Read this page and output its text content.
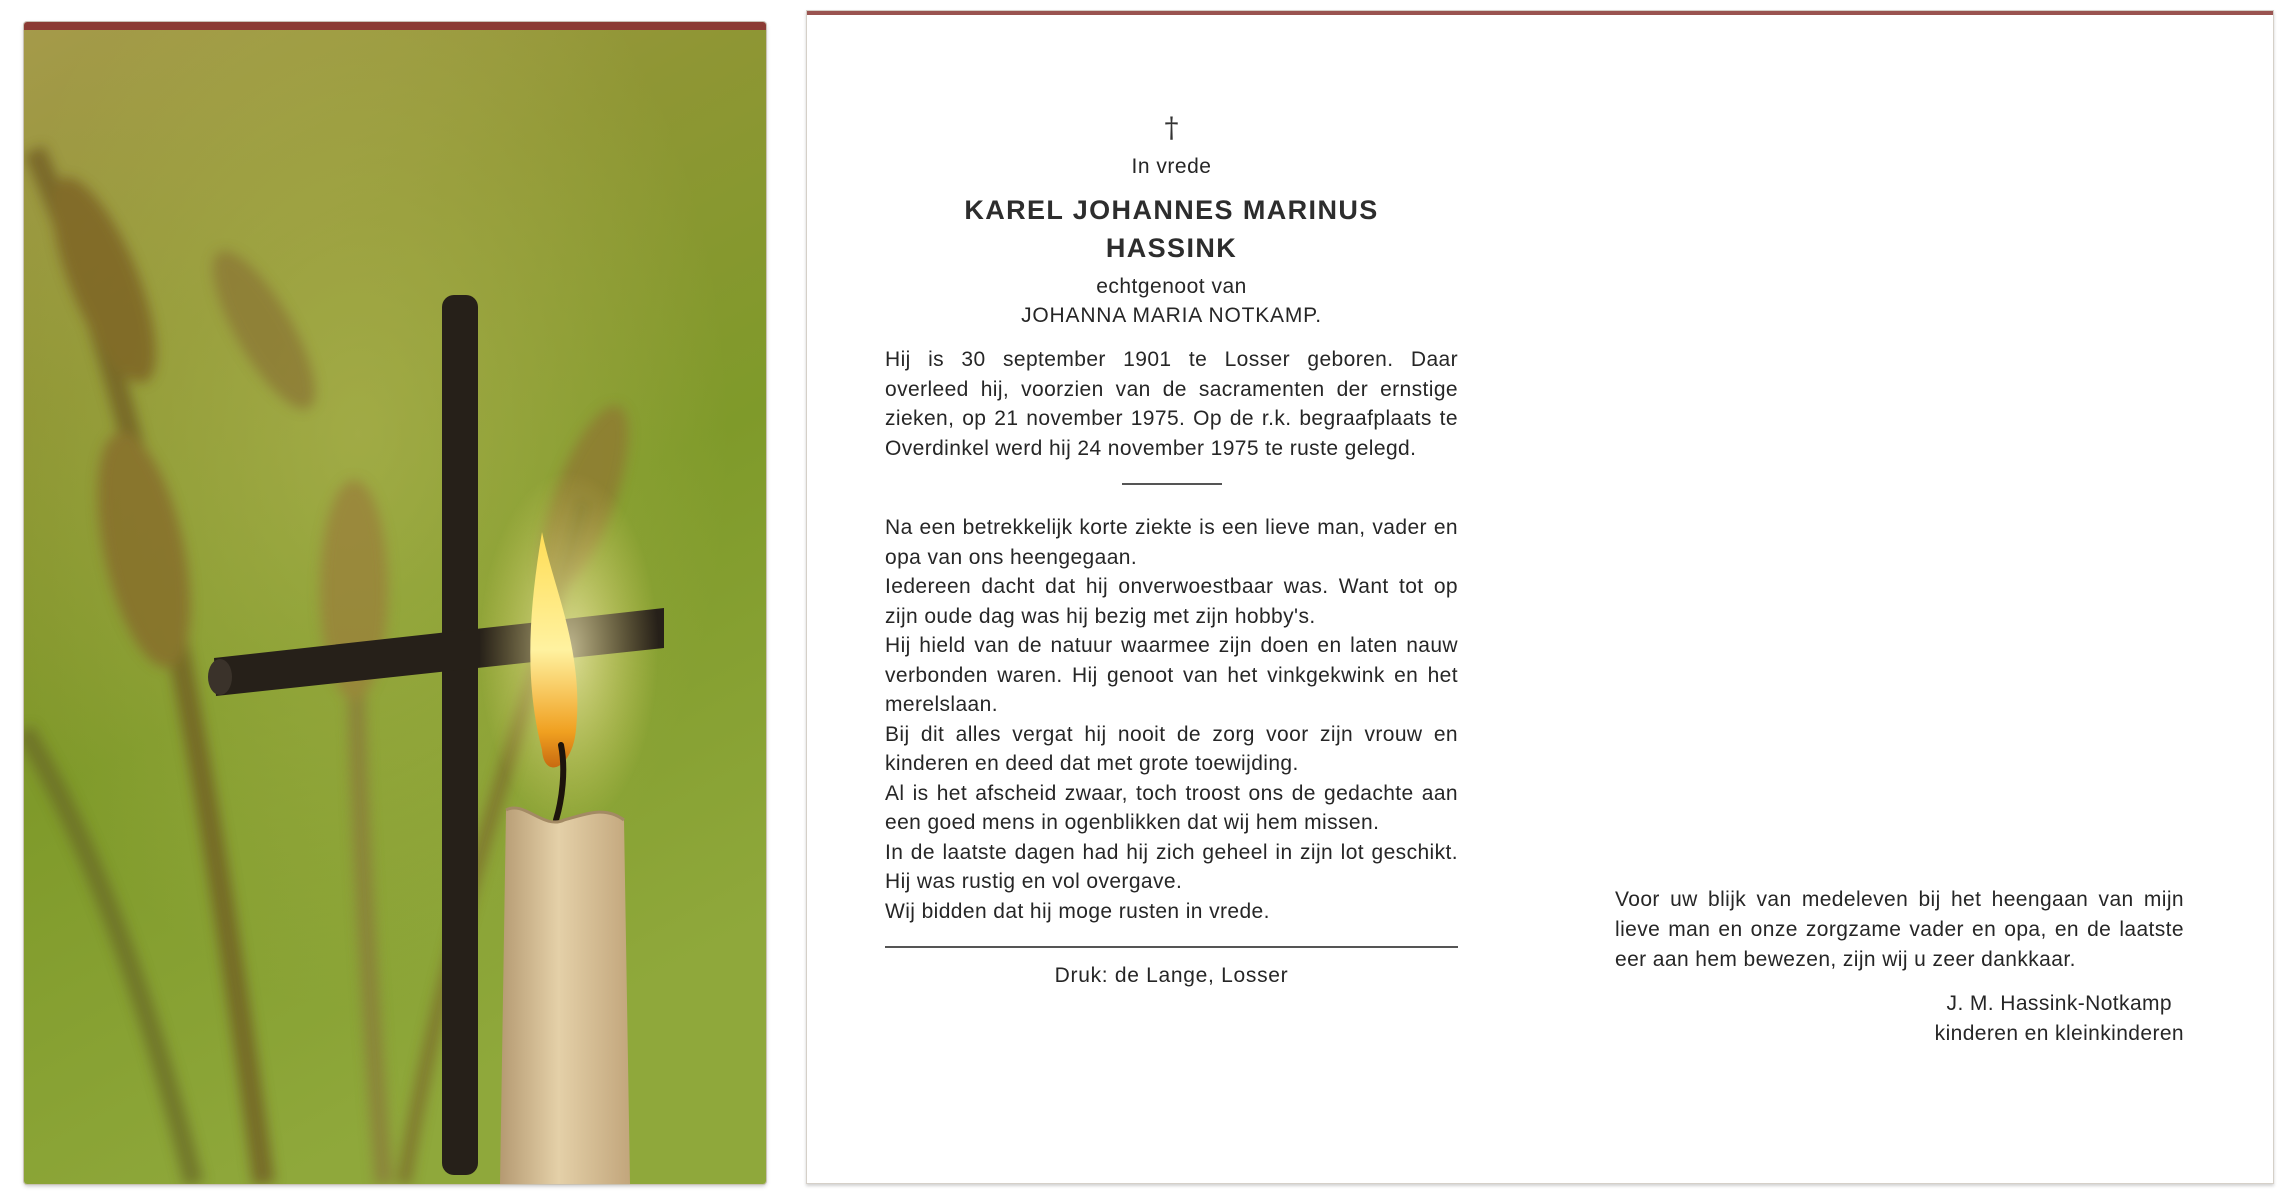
†
In vrede
KAREL JOHANNES MARINUS
HASSINK
echtgenoot van
JOHANNA MARIA NOTKAMP.
Hij is 30 september 1901 te Losser geboren. Daar overleed hij, voorzien van de sacramenten der ernstige zieken, op 21 november 1975. Op de r.k. begraafplaats te Overdinkel werd hij 24 november 1975 te ruste gelegd.
Na een betrekkelijk korte ziekte is een lieve man, vader en opa van ons heengegaan.
Iedereen dacht dat hij onverwoestbaar was. Want tot op zijn oude dag was hij bezig met zijn hobby's.
Hij hield van de natuur waarmee zijn doen en laten nauw verbonden waren. Hij genoot van het vinkgekwink en het merelslaan.
Bij dit alles vergat hij nooit de zorg voor zijn vrouw en kinderen en deed dat met grote toewijding.
Al is het afscheid zwaar, toch troost ons de gedachte aan een goed mens in ogenblikken dat wij hem missen.
In de laatste dagen had hij zich geheel in zijn lot geschikt. Hij was rustig en vol overgave.
Wij bidden dat hij moge rusten in vrede.
Druk: de Lange, Losser
Voor uw blijk van medeleven bij het heengaan van mijn lieve man en onze zorgzame vader en opa, en de laatste eer aan hem bewezen, zijn wij u zeer dankkaar.
J. M. Hassink-Notkamp
kinderen en kleinkinderen
